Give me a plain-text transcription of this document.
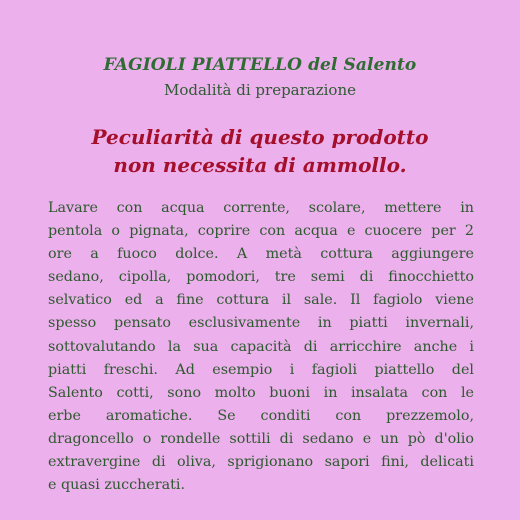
FAGIOLI PIATTELLO del Salento
Modalità di preparazione
Peculiarità di questo prodotto
non necessita di ammollo.
Lavare con acqua corrente, scolare, mettere in
pentola o pignata, coprire con acqua e cuocere per 2
ore a fuoco dolce. A metà cottura aggiungere
sedano, cipolla, pomodori, tre semi di finocchietto
selvatico ed a fine cottura il sale. Il fagiolo viene
spesso pensato esclusivamente in piatti invernali,
sottovalutando la sua capacità di arricchire anche i
piatti freschi. Ad esempio i fagioli piattello del
Salento cotti, sono molto buoni in insalata con le
erbe aromatiche. Se conditi con prezzemolo,
dragoncello o rondelle sottili di sedano e un pò d'olio
extravergine di oliva, sprigionano sapori fini, delicati
e quasi zuccherati.
